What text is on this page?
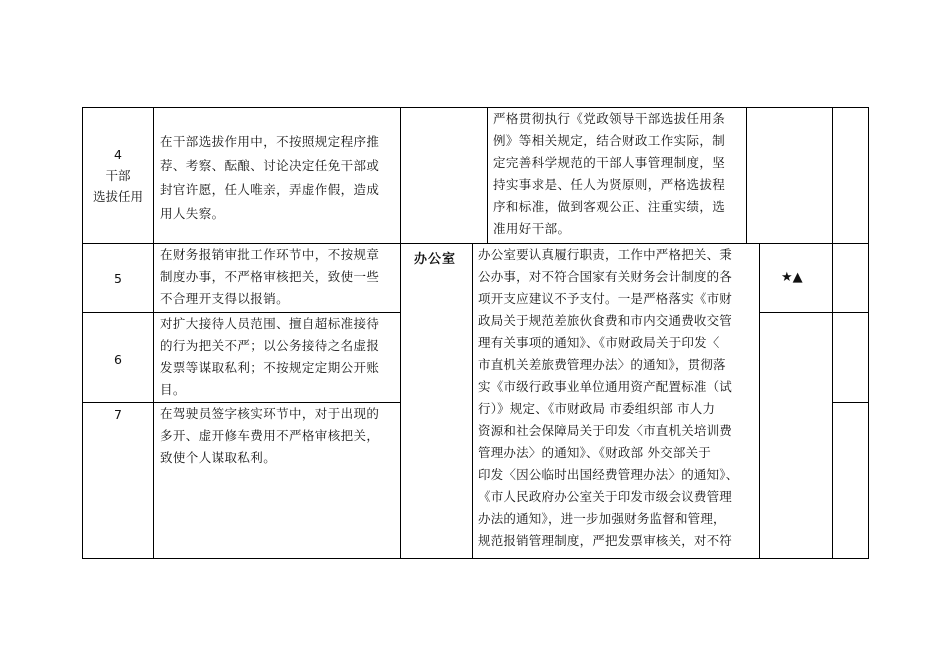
4
干部
选拔任用
在干部选拔作用中，不按照规定程序推
荐、考察、酝酿、讨论决定任免干部或
封官许愿，任人唯亲，弄虚作假，造成
用人失察。
严格贯彻执行《党政领导干部选拔任用条
例》等相关规定，结合财政工作实际，制
定完善科学规范的干部人事管理制度，坚
持实事求是、任人为贤原则，严格选拔程
序和标准，做到客观公正、注重实绩，选
准用好干部。
5
在财务报销审批工作环节中，不按规章
制度办事，不严格审核把关，致使一些
不合理开支得以报销。
6
对扩大接待人员范围、擅自超标准接待
的行为把关不严；以公务接待之名虚报
发票等谋取私利；不按规定定期公开账
目。
7	在驾驶员签字核实环节中，对于出现的
多开、虚开修车费用不严格审核把关，
致使个人谋取私利。
办公室 办公室要认真履行职责，工作中严格把关、秉
公办事，对不符合国家有关财务会计制度的各
项开支应建议不予支付。一是严格落实《市财
政局关于规范差旅伙食费和市内交通费收交管
理有关事项的通知》、《市财政局关于印发〈
市直机关差旅费管理办法〉的通知》，贯彻落
实《市级行政事业单位通用资产配置标准（试
行）》规定、《市财政局 市委组织部 市人力
资源和社会保障局关于印发〈市直机关培训费
管理办法〉的通知》、《财政部 外交部关于
印发〈因公临时出国经费管理办法〉的通知》、
《市人民政府办公室关于印发市级会议费管理
办法的通知》，进一步加强财务监督和管理，
规范报销管理制度，严把发票审核关，对不符
★▲
